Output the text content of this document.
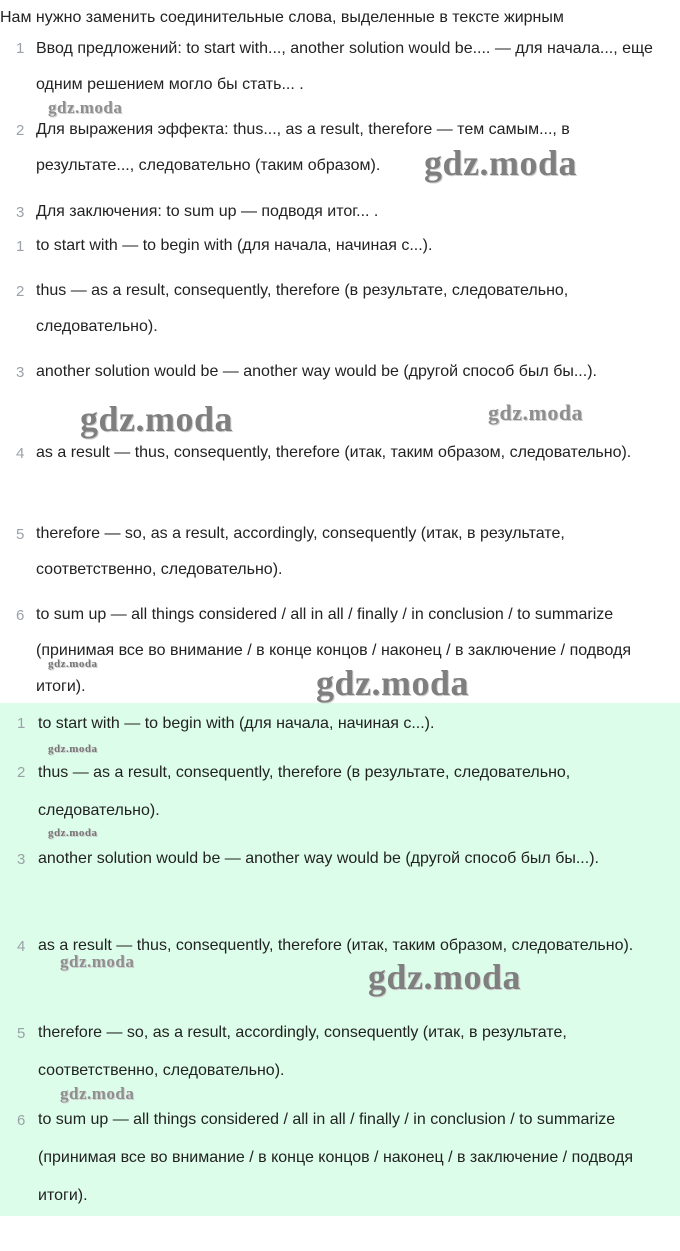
Нам нужно заменить соединительные слова, выделенные в тексте жирным
1 Ввод предложений: to start with..., another solution would be.... — для начала..., еще одним решением могло бы стать... .
2 Для выражения эффекта: thus..., as a result, therefore — тем самым..., в результате..., следовательно (таким образом).
3 Для заключения: to sum up — подводя итог... .
1 to start with — to begin with (для начала, начиная с...).
2 thus — as a result, consequently, therefore (в результате, следовательно, следовательно).
3 another solution would be — another way would be (другой способ был бы...).
4 as a result — thus, consequently, therefore (итак, таким образом, следовательно).
5 therefore — so, as a result, accordingly, consequently (итак, в результате, соответственно, следовательно).
6 to sum up — all things considered / all in all / finally / in conclusion / to summarize (принимая все во внимание / в конце концов / наконец / в заключение / подводя итоги).
1 to start with — to begin with (для начала, начиная с...).
2 thus — as a result, consequently, therefore (в результате, следовательно, следовательно).
3 another solution would be — another way would be (другой способ был бы...).
4 as a result — thus, consequently, therefore (итак, таким образом, следовательно).
5 therefore — so, as a result, accordingly, consequently (итак, в результате, соответственно, следовательно).
6 to sum up — all things considered / all in all / finally / in conclusion / to summarize (принимая все во внимание / в конце концов / наконец / в заключение / подводя итоги).
gdz.moda
gdz.moda
gdz.moda	gdz.moda
gdz.moda	gdz.moda
gdz.moda
gdz.moda
gdz.moda	gdz.moda
gdz.moda
